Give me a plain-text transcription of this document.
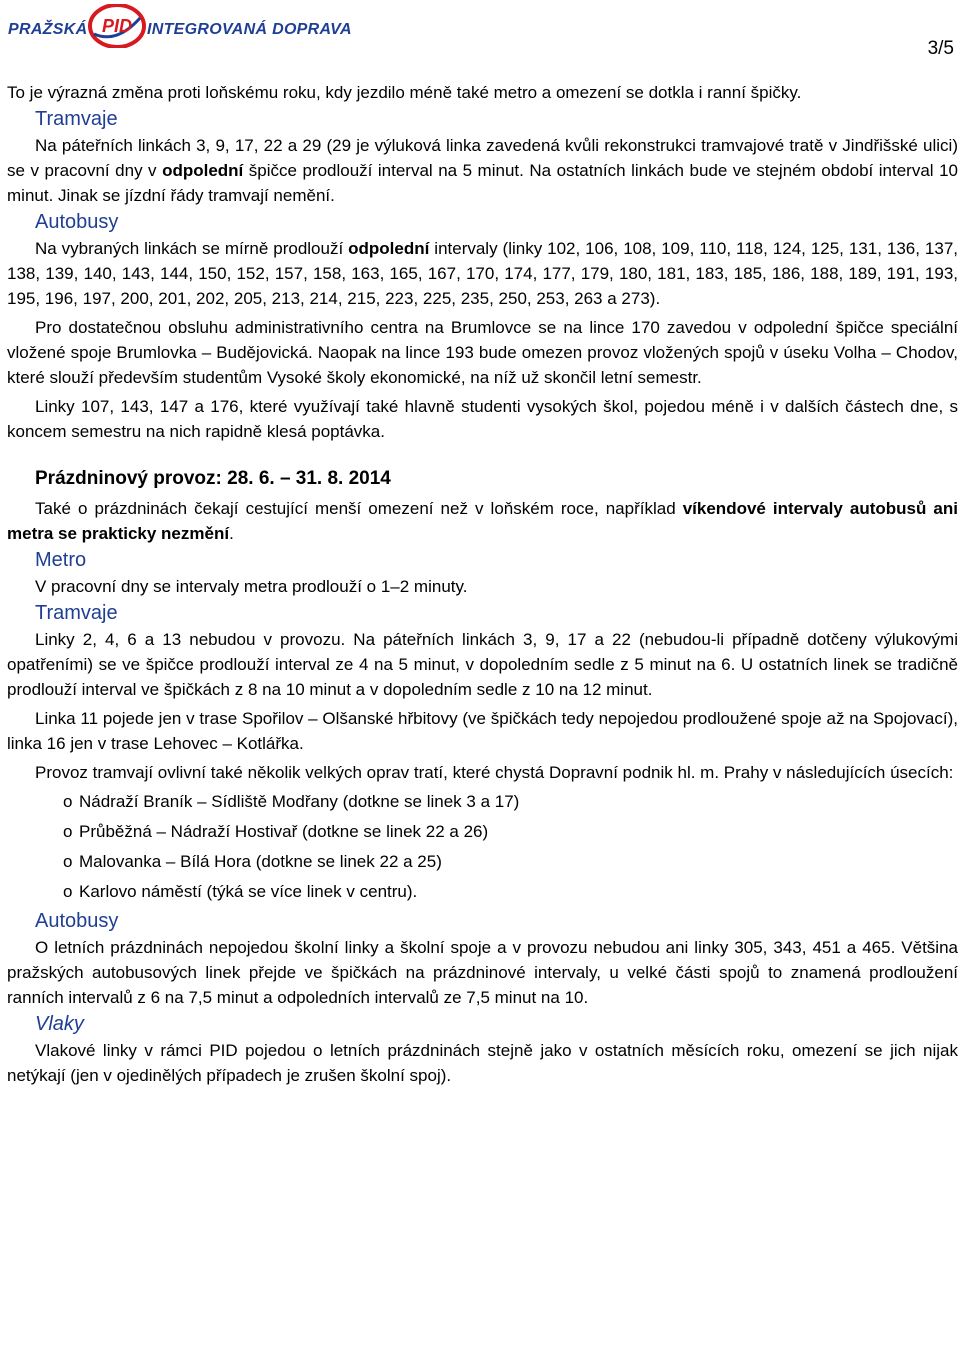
PRAŽSKÁ PID INTEGROVANÁ DOPRAVA
3/5

To je výrazná změna proti loňskému roku, kdy jezdilo méně také metro a omezení se dotkla i ranní špičky.

Tramvaje

Na páteřních linkách 3, 9, 17, 22 a 29 (29 je výluková linka zavedená kvůli rekonstrukci tramvajové tratě v Jindřišské ulici) se v pracovní dny v odpolední špičce prodlouží interval na 5 minut. Na ostatních linkách bude ve stejném období interval 10 minut. Jinak se jízdní řády tramvají nemění.

Autobusy

Na vybraných linkách se mírně prodlouží odpolední intervaly (linky 102, 106, 108, 109, 110, 118, 124, 125, 131, 136, 137, 138, 139, 140, 143, 144, 150, 152, 157, 158, 163, 165, 167, 170, 174, 177, 179, 180, 181, 183, 185, 186, 188, 189, 191, 193, 195, 196, 197, 200, 201, 202, 205, 213, 214, 215, 223, 225, 235, 250, 253, 263 a 273).

Pro dostatečnou obsluhu administrativního centra na Brumlovce se na lince 170 zavedou v odpolední špičce speciální vložené spoje Brumlovka – Budějovická. Naopak na lince 193 bude omezen provoz vložených spojů v úseku Volha – Chodov, které slouží především studentům Vysoké školy ekonomické, na níž už skončil letní semestr.

Linky 107, 143, 147 a 176, které využívají také hlavně studenti vysokých škol, pojedou méně i v dalších částech dne, s koncem semestru na nich rapidně klesá poptávka.

Prázdninový provoz: 28. 6. – 31. 8. 2014

Také o prázdninách čekají cestující menší omezení než v loňském roce, například víkendové intervaly autobusů ani metra se prakticky nezmění.

Metro

V pracovní dny se intervaly metra prodlouží o 1–2 minuty.

Tramvaje

Linky 2, 4, 6 a 13 nebudou v provozu. Na páteřních linkách 3, 9, 17 a 22 (nebudou-li případně dotčeny výlukovými opatřeními) se ve špičce prodlouží interval ze 4 na 5 minut, v dopoledním sedle z 5 minut na 6. U ostatních linek se tradičně prodlouží interval ve špičkách z 8 na 10 minut a v dopoledním sedle z 10 na 12 minut.

Linka 11 pojede jen v trase Spořilov – Olšanské hřbitovy (ve špičkách tedy nepojedou prodloužené spoje až na Spojovací), linka 16 jen v trase Lehovec – Kotlářka.

Provoz tramvají ovlivní také několik velkých oprav tratí, které chystá Dopravní podnik hl. m. Prahy v následujících úsecích:

o Nádraží Braník – Sídliště Modřany (dotkne se linek 3 a 17)
o Průběžná – Nádraží Hostivař (dotkne se linek 22 a 26)
o Malovanka – Bílá Hora (dotkne se linek 22 a 25)
o Karlovo náměstí (týká se více linek v centru).
Autobusy

O letních prázdninách nepojedou školní linky a školní spoje a v provozu nebudou ani linky 305, 343, 451 a 465. Většina pražských autobusových linek přejde ve špičkách na prázdninové intervaly, u velké části spojů to znamená prodloužení ranních intervalů z 6 na 7,5 minut a odpoledních intervalů ze 7,5 minut na 10.

Vlaky

Vlakové linky v rámci PID pojedou o letních prázdninách stejně jako v ostatních měsících roku, omezení se jich nijak netýkají (jen v ojedinělých případech je zrušen školní spoj).
